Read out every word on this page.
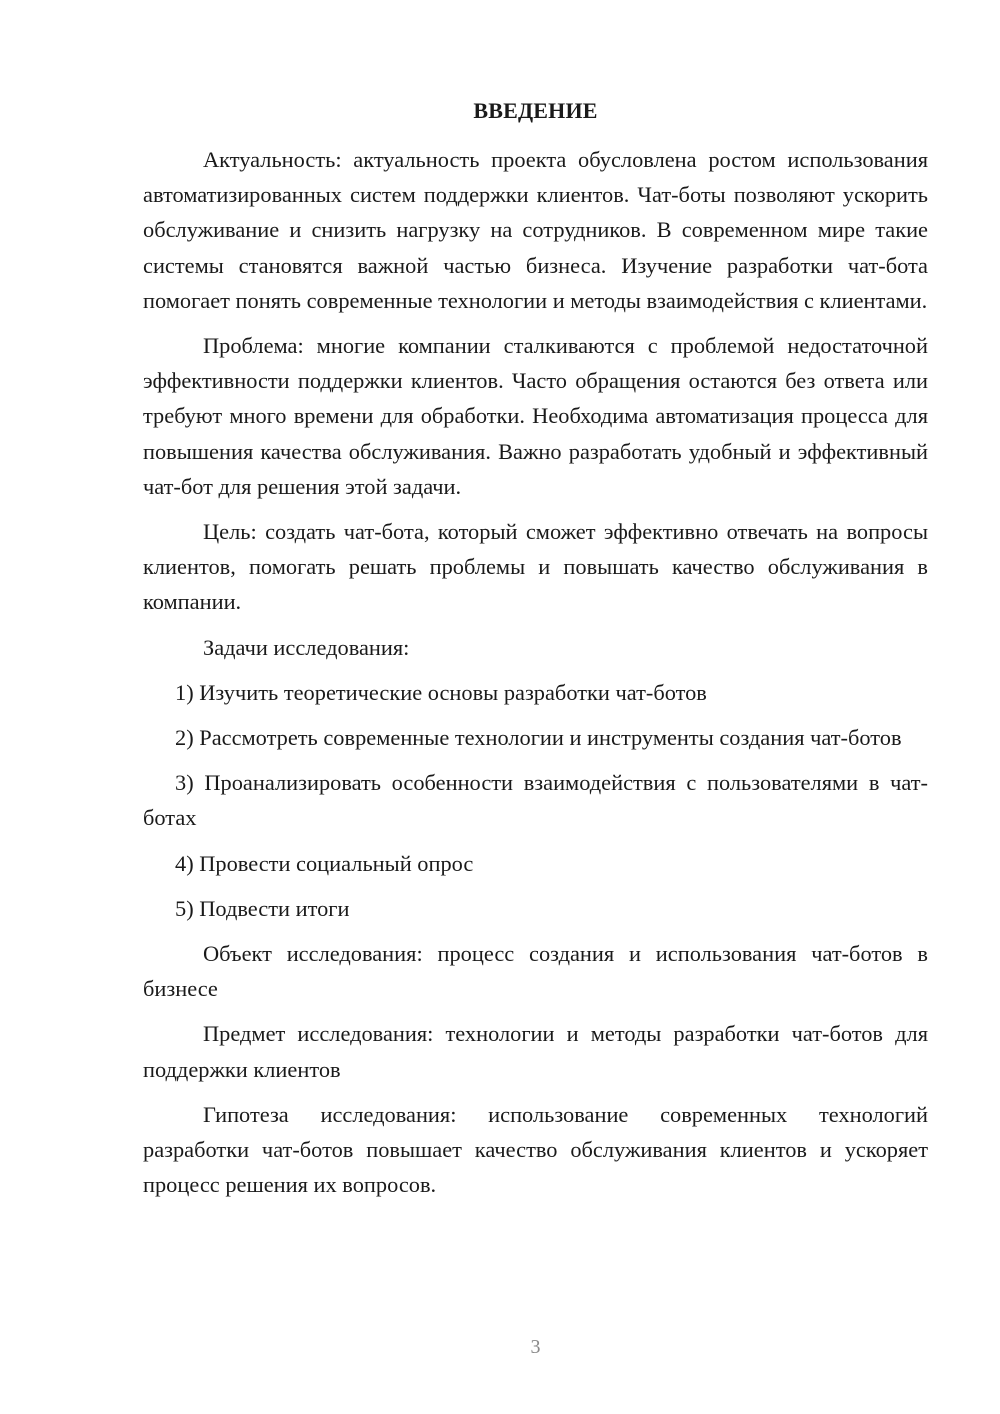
ВВЕДЕНИЕ

Актуальность: актуальность проекта обусловлена ростом использования автоматизированных систем поддержки клиентов. Чат-боты позволяют ускорить обслуживание и снизить нагрузку на сотрудников. В современном мире такие системы становятся важной частью бизнеса. Изучение разработки чат-бота помогает понять современные технологии и методы взаимодействия с клиентами.

Проблема: многие компании сталкиваются с проблемой недостаточной эффективности поддержки клиентов. Часто обращения остаются без ответа или требуют много времени для обработки. Необходима автоматизация процесса для повышения качества обслуживания. Важно разработать удобный и эффективный чат-бот для решения этой задачи.

Цель: создать чат-бота, который сможет эффективно отвечать на вопросы клиентов, помогать решать проблемы и повышать качество обслуживания в компании.

Задачи исследования:

1) Изучить теоретические основы разработки чат-ботов

2) Рассмотреть современные технологии и инструменты создания чат-ботов

3) Проанализировать особенности взаимодействия с пользователями в чат-ботах

4) Провести социальный опрос

5) Подвести итоги

Объект исследования: процесс создания и использования чат-ботов в бизнесе

Предмет исследования: технологии и методы разработки чат-ботов для поддержки клиентов

Гипотеза исследования: использование современных технологий разработки чат-ботов повышает качество обслуживания клиентов и ускоряет процесс решения их вопросов.

3
